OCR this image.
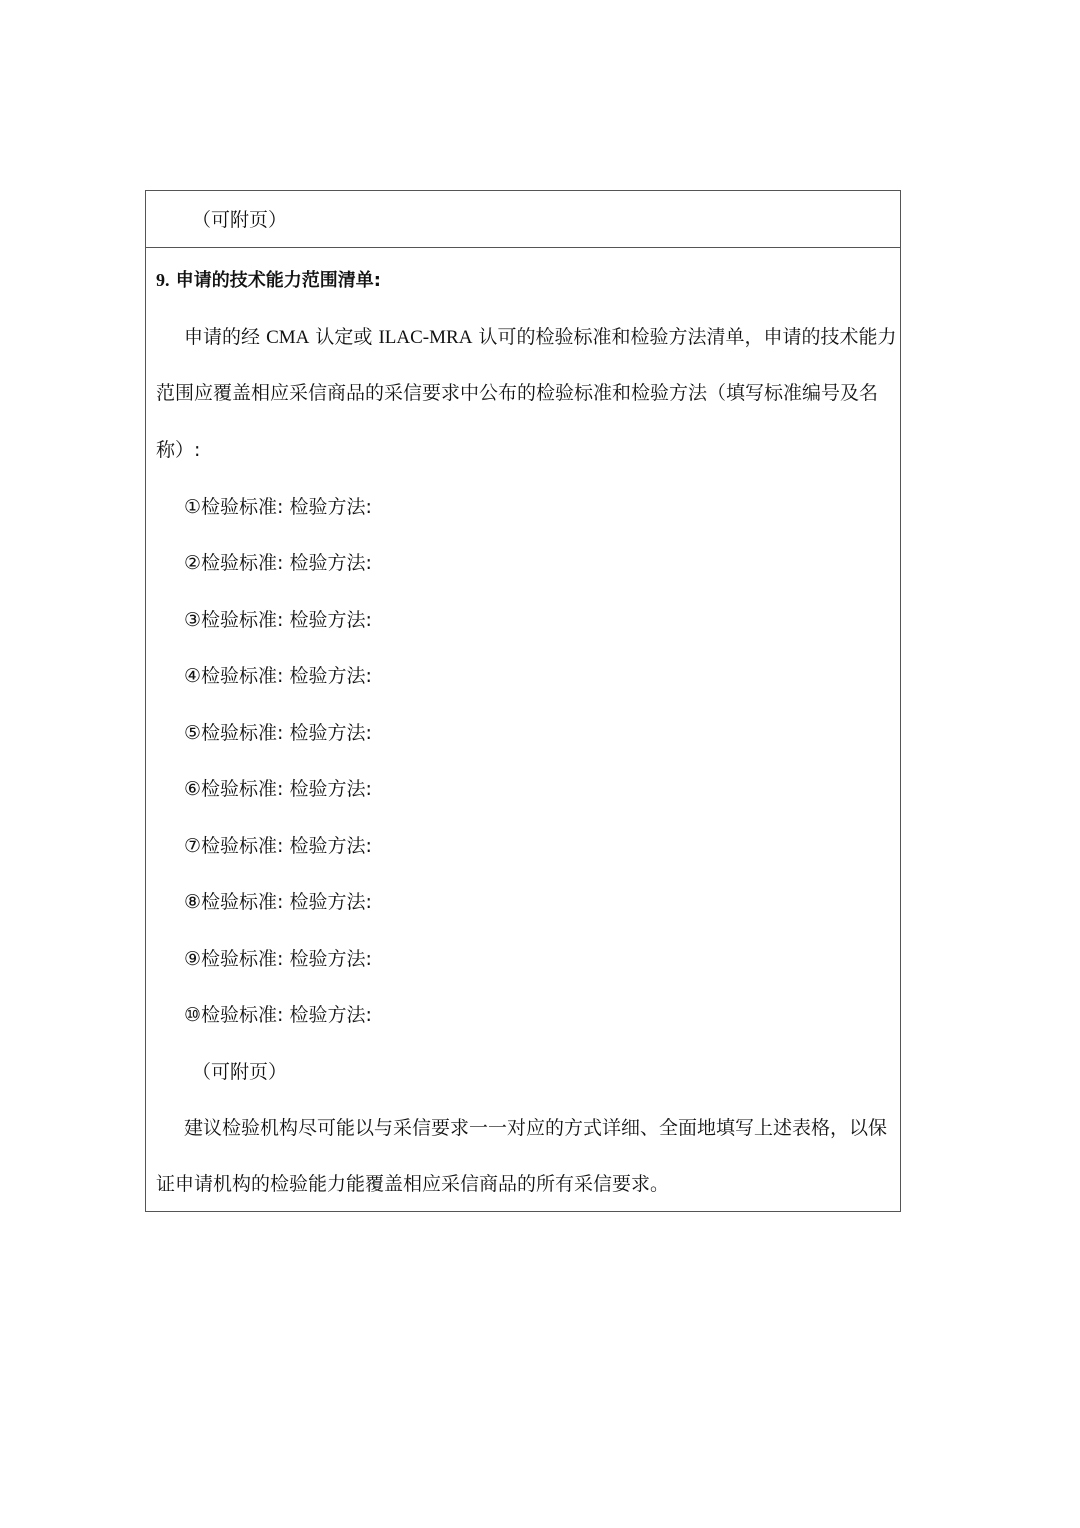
（可附页）
9. 申请的技术能力范围清单:
申请的经 CMA 认定或 ILAC-MRA 认可的检验标准和检验方法清单，申请的技术能力
范围应覆盖相应采信商品的采信要求中公布的检验标准和检验方法（填写标准编号及名
称）:
①检验标准: 检验方法:
②检验标准: 检验方法:
③检验标准: 检验方法:
④检验标准: 检验方法:
⑤检验标准: 检验方法:
⑥检验标准: 检验方法:
⑦检验标准: 检验方法:
⑧检验标准: 检验方法:
⑨检验标准: 检验方法:
⑩检验标准: 检验方法:
（可附页）
建议检验机构尽可能以与采信要求一一对应的方式详细、全面地填写上述表格，以保
证申请机构的检验能力能覆盖相应采信商品的所有采信要求。
